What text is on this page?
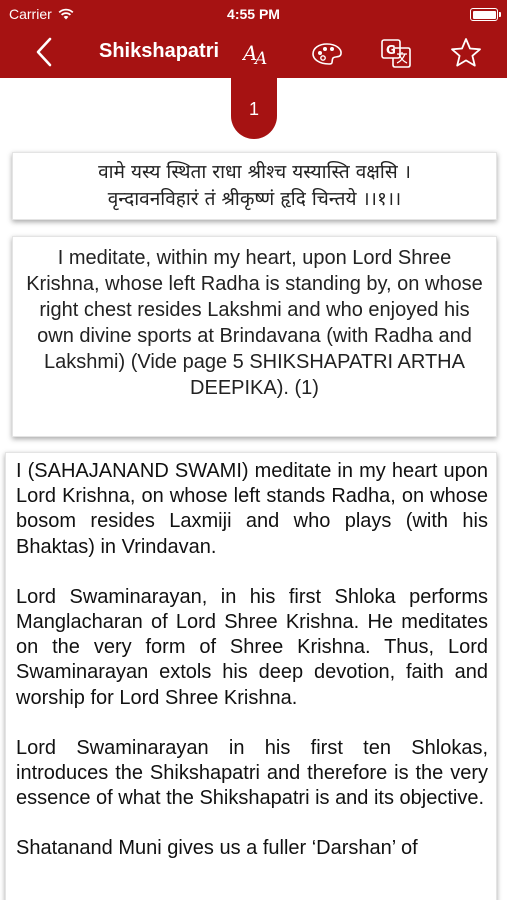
Carrier	4:55 PM
Shikshapatri A
A	G
1
वामे यस्य स्थिता राधा श्रीश्च यस्यास्ति वक्षसि ।
वृन्दावनविहारं तं श्रीकृष्णं हृदि चिन्तये ।।१।।
I meditate, within my heart, upon Lord Shree Krishna, whose left Radha is standing by, on whose right chest resides Lakshmi and who enjoyed his own divine sports at Brindavana (with Radha and
Lakshmi) (Vide page 5 SHIKSHAPATRI ARTHA DEEPIKA). (1)

I (SAHAJANAND SWAMI) meditate in my heart upon Lord Krishna, on whose left stands Radha, on whose bosom resides Laxmiji and who plays (with his Bhaktas) in Vrindavan.

Lord Swaminarayan, in his first Shloka performs Manglacharan of Lord Shree Krishna. He meditates on the very form of Shree Krishna. Thus, Lord Swaminarayan extols his deep devotion, faith and worship for Lord Shree Krishna.

Lord Swaminarayan in his first ten Shlokas, introduces the Shikshapatri and therefore is the very essence of what the Shikshapatri is and its objective.

Shatanand Muni gives us a fuller ‘Darshan’ of
